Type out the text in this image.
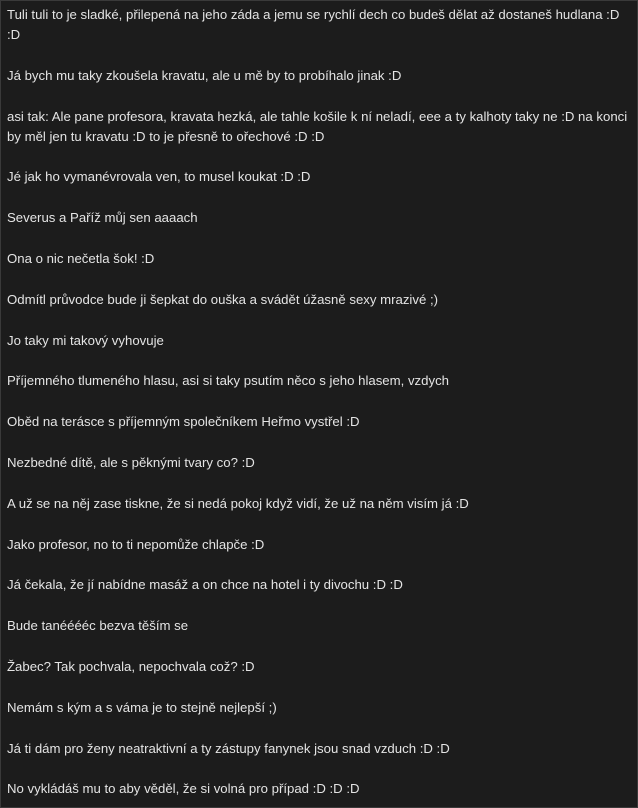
Tuli tuli to je sladké, přilepená na jeho záda a jemu se rychlí dech co budeš dělat až dostaneš hudlana :D :D

Já bych mu taky zkoušela kravatu, ale u mě by to probíhalo jinak :D

asi tak: Ale pane profesora, kravata hezká, ale tahle košile k ní neladí, eee a ty kalhoty taky ne :D na konci by měl jen tu kravatu :D to je přesně to ořechové :D :D

Jé jak ho vymanévrovala ven, to musel koukat :D :D

Severus a Paříž můj sen aaaach

Ona o nic nečetla šok! :D

Odmítl průvodce bude ji šepkat do ouška a svádět úžasně sexy mrazivé ;)

Jo taky mi takový vyhovuje

Příjemného tlumeného hlasu, asi si taky psutím něco s jeho hlasem, vzdych

Oběd na terásce s příjemným společníkem Heřmo vystřel :D

Nezbedné dítě, ale s pěknými tvary co? :D

A už se na něj zase tiskne, že si nedá pokoj když vidí, že už na něm visím já :D

Jako profesor, no to ti nepomůže chlapče :D

Já čekala, že jí nabídne masáž a on chce na hotel i ty divochu :D :D

Bude tanééééc bezva těším se

Žabec? Tak pochvala, nepochvala což? :D

Nemám s kým a s váma je to stejně nejlepší ;)

Já ti dám pro ženy neatraktivní a ty zástupy fanynek jsou snad vzduch :D :D

No vykládáš mu to aby věděl, že si volná pro případ :D :D :D
